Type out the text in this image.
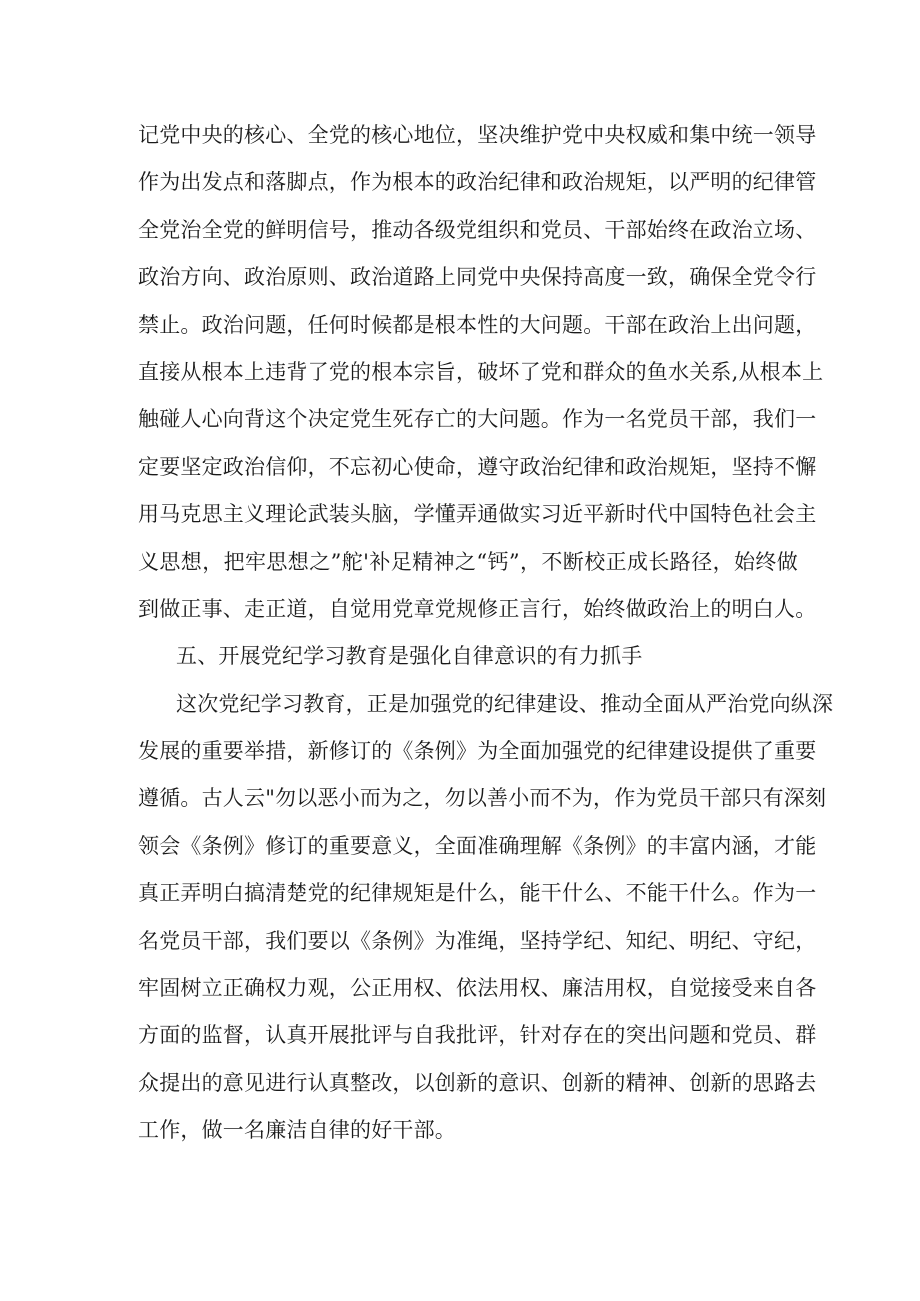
记党中央的核心、全党的核心地位，坚决维护党中央权威和集中统一领导
作为出发点和落脚点，作为根本的政治纪律和政治规矩，以严明的纪律管
全党治全党的鲜明信号，推动各级党组织和党员、干部始终在政治立场、
政治方向、政治原则、政治道路上同党中央保持高度一致，确保全党令行
禁止。政治问题，任何时候都是根本性的大问题。干部在政治上出问题，
直接从根本上违背了党的根本宗旨，破坏了党和群众的鱼水关系,从根本上
触碰人心向背这个决定党生死存亡的大问题。作为一名党员干部，我们一
定要坚定政治信仰，不忘初心使命，遵守政治纪律和政治规矩，坚持不懈
用马克思主义理论武装头脑，学懂弄通做实习近平新时代中国特色社会主
义思想，把牢思想之”舵'补足精神之“钙”，不断校正成长路径，始终做
到做正事、走正道，自觉用党章党规修正言行，始终做政治上的明白人。
五、开展党纪学习教育是强化自律意识的有力抓手
这次党纪学习教育，正是加强党的纪律建设、推动全面从严治党向纵深
发展的重要举措，新修订的《条例》为全面加强党的纪律建设提供了重要
遵循。古人云"勿以恶小而为之，勿以善小而不为，作为党员干部只有深刻
领会《条例》修订的重要意义，全面准确理解《条例》的丰富内涵，才能
真正弄明白搞清楚党的纪律规矩是什么，能干什么、不能干什么。作为一
名党员干部，我们要以《条例》为准绳，坚持学纪、知纪、明纪、守纪，
牢固树立正确权力观，公正用权、依法用权、廉洁用权，自觉接受来自各
方面的监督，认真开展批评与自我批评，针对存在的突出问题和党员、群
众提出的意见进行认真整改，以创新的意识、创新的精神、创新的思路去
工作，做一名廉洁自律的好干部。
